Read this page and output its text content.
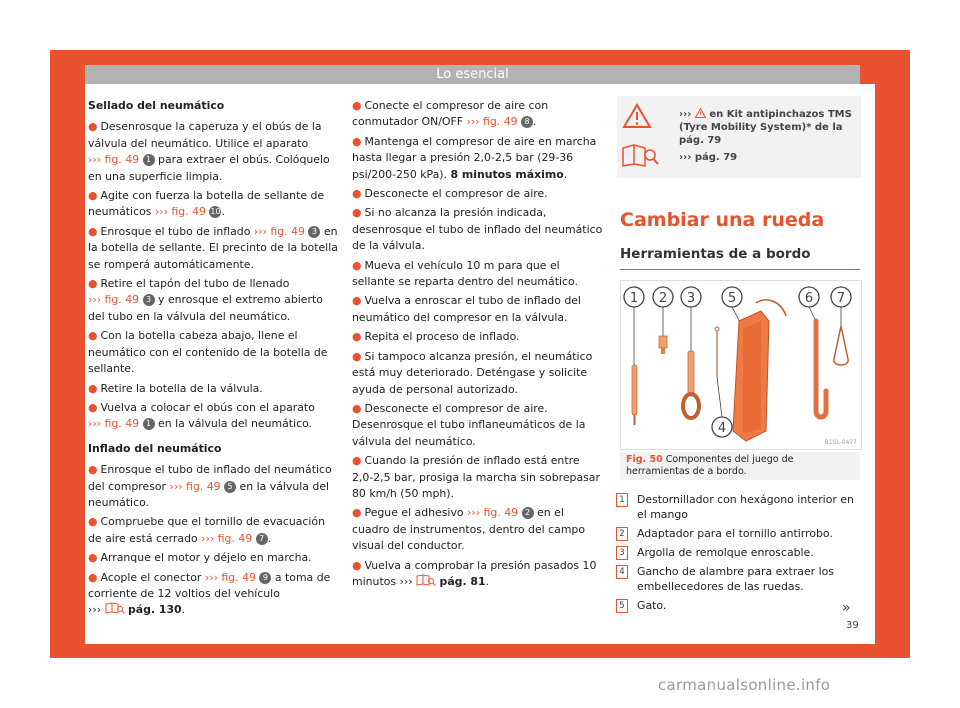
Lo esencial

Sellado del neumático

● Desenrosque la caperuza y el obús de la válvula del neumático. Utilice el aparato
››› fig. 49 1 para extraer el obús. Colóquelo en una superficie limpia.

● Agite con fuerza la botella de sellante de neumáticos ››› fig. 49 10.

● Enrosque el tubo de inflado ››› fig. 49 3 en la botella de sellante. El precinto de la botella se romperá automáticamente.

● Retire el tapón del tubo de llenado
››› fig. 49 3 y enrosque el extremo abierto del tubo en la válvula del neumático.

● Con la botella cabeza abajo, llene el neumático con el contenido de la botella de sellante.

● Retire la botella de la válvula.

● Vuelva a colocar el obús con el aparato
››› fig. 49 1 en la válvula del neumático.

Inflado del neumático

● Enrosque el tubo de inflado del neumático del compresor ››› fig. 49 5 en la válvula del neumático.

● Compruebe que el tornillo de evacuación de aire está cerrado ››› fig. 49 7 .

● Arranque el motor y déjelo en marcha.

● Acople el conector ››› fig. 49 9 a toma de corriente de 12 voltios del vehículo
››› pág. 130.

● Conecte el compresor de aire con conmutador ON/OFF ››› fig. 49 8 .

● Mantenga el compresor de aire en marcha hasta llegar a presión 2,0-2,5 bar (29-36 psi/200-250 kPa). 8 minutos máximo.

● Desconecte el compresor de aire.

● Si no alcanza la presión indicada, desenrosque el tubo de inflado del neumático de la válvula.

● Mueva el vehículo 10 m para que el sellante se reparta dentro del neumático.

● Vuelva a enroscar el tubo de inflado del neumático del compresor en la válvula.

● Repita el proceso de inflado.

● Si tampoco alcanza presión, el neumático está muy deteriorado. Deténgase y solicite ayuda de personal autorizado.

● Desconecte el compresor de aire. Desenrosque el tubo inflaneumáticos de la válvula del neumático.

● Cuando la presión de inflado está entre 2,0-2,5 bar, prosiga la marcha sin sobrepasar 80 km/h (50 mph).

● Pegue el adhesivo ››› fig. 49 2 en el cuadro de instrumentos, dentro del campo visual del conductor.

● Vuelva a comprobar la presión pasados 10 minutos ››› pág. 81.

››› en Kit antipinchazos TMS (Tyre Mobility System)* de la pág. 79
››› pág. 79
Cambiar una rueda
Herramientas de a bordo
1 2 3	5	6 7
4
B1SL-0477
Fig. 50 Componentes del juego de herramientas de a bordo.
1	Destornillador con hexágono interior en el mango
2	Adaptador para el tornillo antirrobo.
3	Argolla de remolque enroscable.
4	Gancho de alambre para extraer los embellecedores de las ruedas.
5	Gato.	»
39
carmanualsonline.info
